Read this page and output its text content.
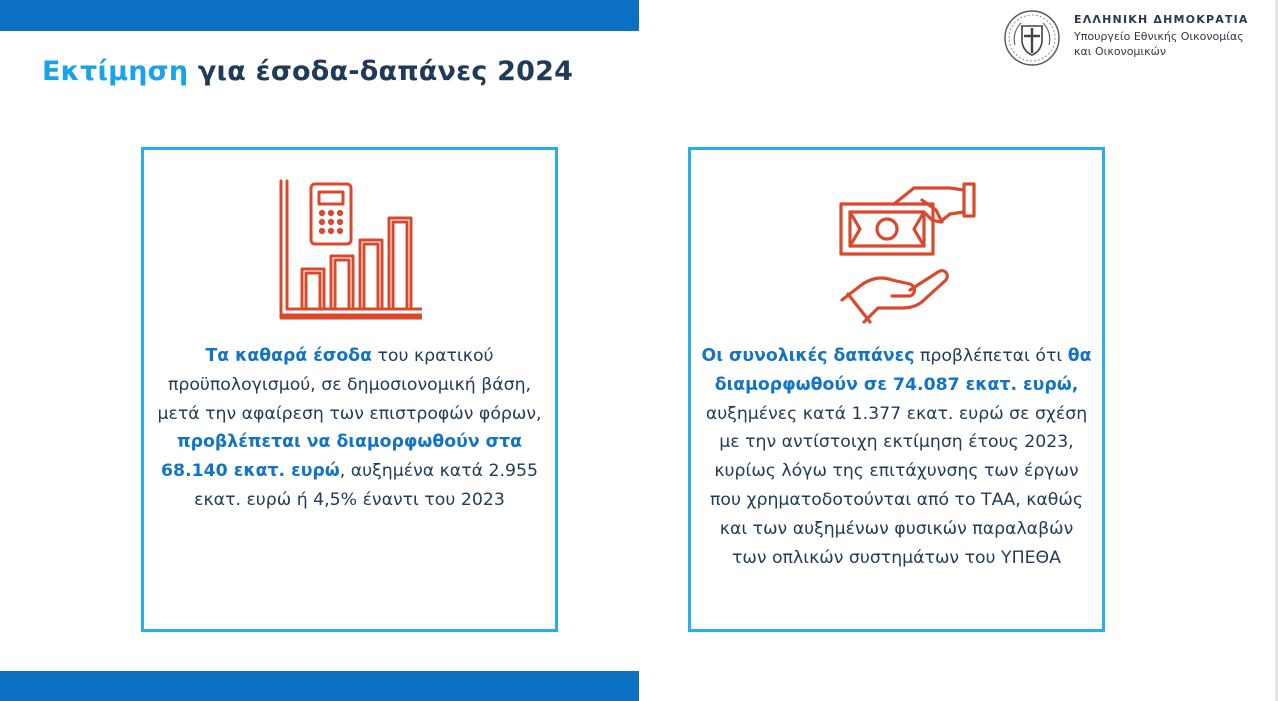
Εκτίμηση για έσοδα-δαπάνες 2024
ΕΛΛΗΝΙΚΗ ΔΗΜΟΚΡΑΤΙΑ
Υπουργείο Εθνικής Οικονομίας
και Οικονομικών

Τα καθαρά έσοδα του κρατικού προϋπολογισμού, σε δημοσιονομική βάση, μετά την αφαίρεση των επιστροφών φόρων, προβλέπεται να διαμορφωθούν στα 68.140 εκατ. ευρώ, αυξημένα κατά 2.955 εκατ. ευρώ ή 4,5% έναντι του 2023

Οι συνολικές δαπάνες προβλέπεται ότι θα διαμορφωθούν σε 74.087 εκατ. ευρώ, αυξημένες κατά 1.377 εκατ. ευρώ σε σχέση με την αντίστοιχη εκτίμηση έτους 2023, κυρίως λόγω της επιτάχυνσης των έργων που χρηματοδοτούνται από το ΤΑΑ, καθώς και των αυξημένων φυσικών παραλαβών των οπλικών συστημάτων του ΥΠΕΘΑ
